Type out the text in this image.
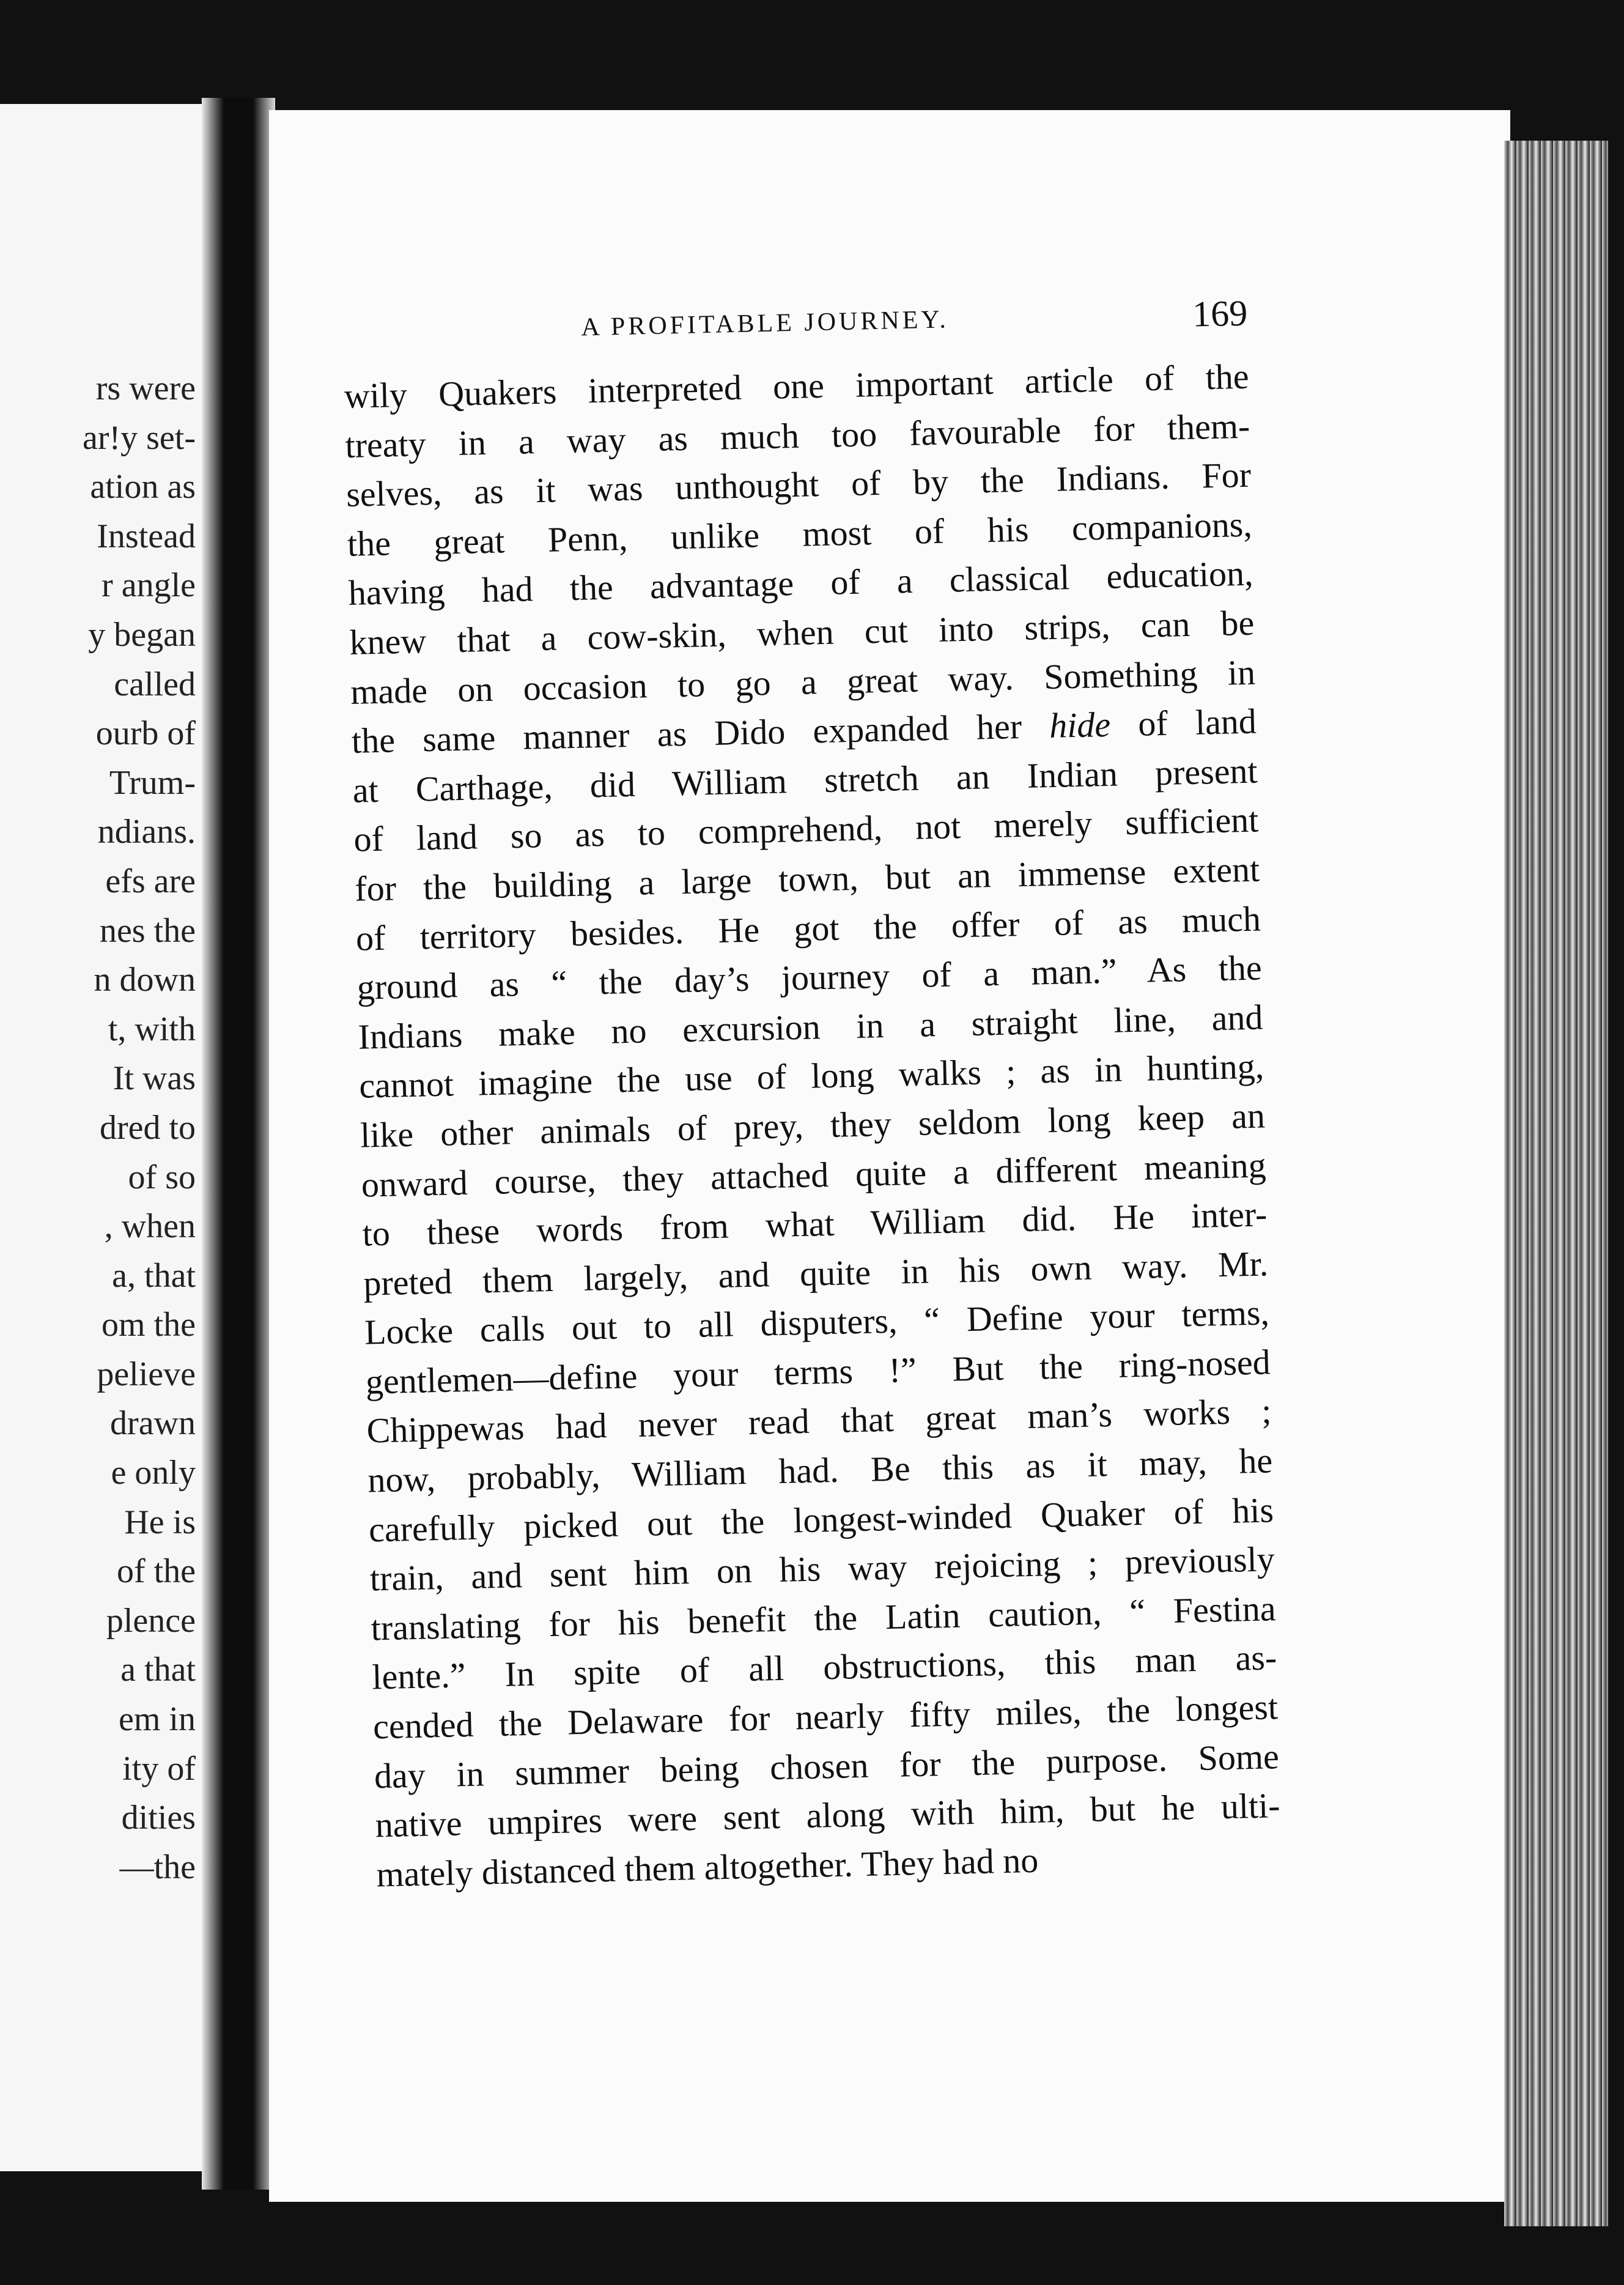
rs were
ar!y set-
ation as
Instead
r angle
y began
called
ourb of
Trum-
ndians.
efs are
nes the
n down
t, with
It was
dred to
of so
, when
a, that
om the
pelieve
drawn
e only
He is
of the
plence
a that
em in
ity of
dities
—the
A PROFITABLE JOURNEY.	169
wily Quakers interpreted one important article of the
treaty in a way as much too favourable for them-
selves, as it was unthought of by the Indians. For
the great Penn, unlike most of his companions,
having had the advantage of a classical education,
knew that a cow-skin, when cut into strips, can be
made on occasion to go a great way. Something in
the same manner as Dido expanded her hide of land
at Carthage, did William stretch an Indian present
of land so as to comprehend, not merely sufficient
for the building a large town, but an immense extent
of territory besides. He got the offer of as much
ground as “ the day’s journey of a man.” As the
Indians make no excursion in a straight line, and
cannot imagine the use of long walks ; as in hunting,
like other animals of prey, they seldom long keep an
onward course, they attached quite a different meaning
to these words from what William did. He inter-
preted them largely, and quite in his own way. Mr.
Locke calls out to all disputers, “ Define your terms,
gentlemen—define your terms !” But the ring-nosed
Chippewas had never read that great man’s works ;
now, probably, William had. Be this as it may, he
carefully picked out the longest-winded Quaker of his
train, and sent him on his way rejoicing ; previously
translating for his benefit the Latin caution, “ Festina
lente.” In spite of all obstructions, this man as-
cended the Delaware for nearly fifty miles, the longest
day in summer being chosen for the purpose. Some
native umpires were sent along with him, but he ulti-
mately distanced them altogether. They had no
